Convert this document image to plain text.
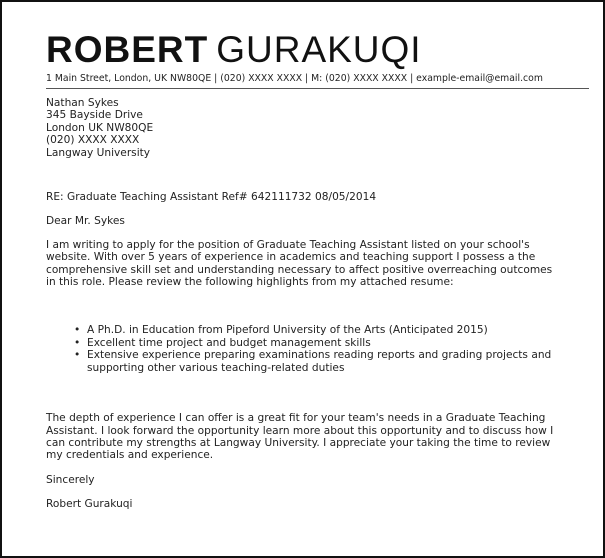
ROBERT GURAKUQI
1 Main Street, London, UK NW80QE | (020) XXXX XXXX | M: (020) XXXX XXXX | example-email@email.com
Nathan Sykes
345 Bayside Drive
London UK NW80QE
(020) XXXX XXXX
Langway University

RE: Graduate Teaching Assistant Ref# 642111732 08/05/2014

Dear Mr. Sykes

I am writing to apply for the position of Graduate Teaching Assistant listed on your school's website. With over 5 years of experience in academics and teaching support I possess a the comprehensive skill set and understanding necessary to affect positive overreaching outcomes in this role. Please review the following highlights from my attached resume:

• A Ph.D. in Education from Pipeford University of the Arts (Anticipated 2015)
• Excellent time project and budget management skills
• Extensive experience preparing examinations reading reports and grading projects and supporting other various teaching-related duties

The depth of experience I can offer is a great fit for your team's needs in a Graduate Teaching Assistant. I look forward the opportunity learn more about this opportunity and to discuss how I can contribute my strengths at Langway University. I appreciate your taking the time to review my credentials and experience.

Sincerely

Robert Gurakuqi
